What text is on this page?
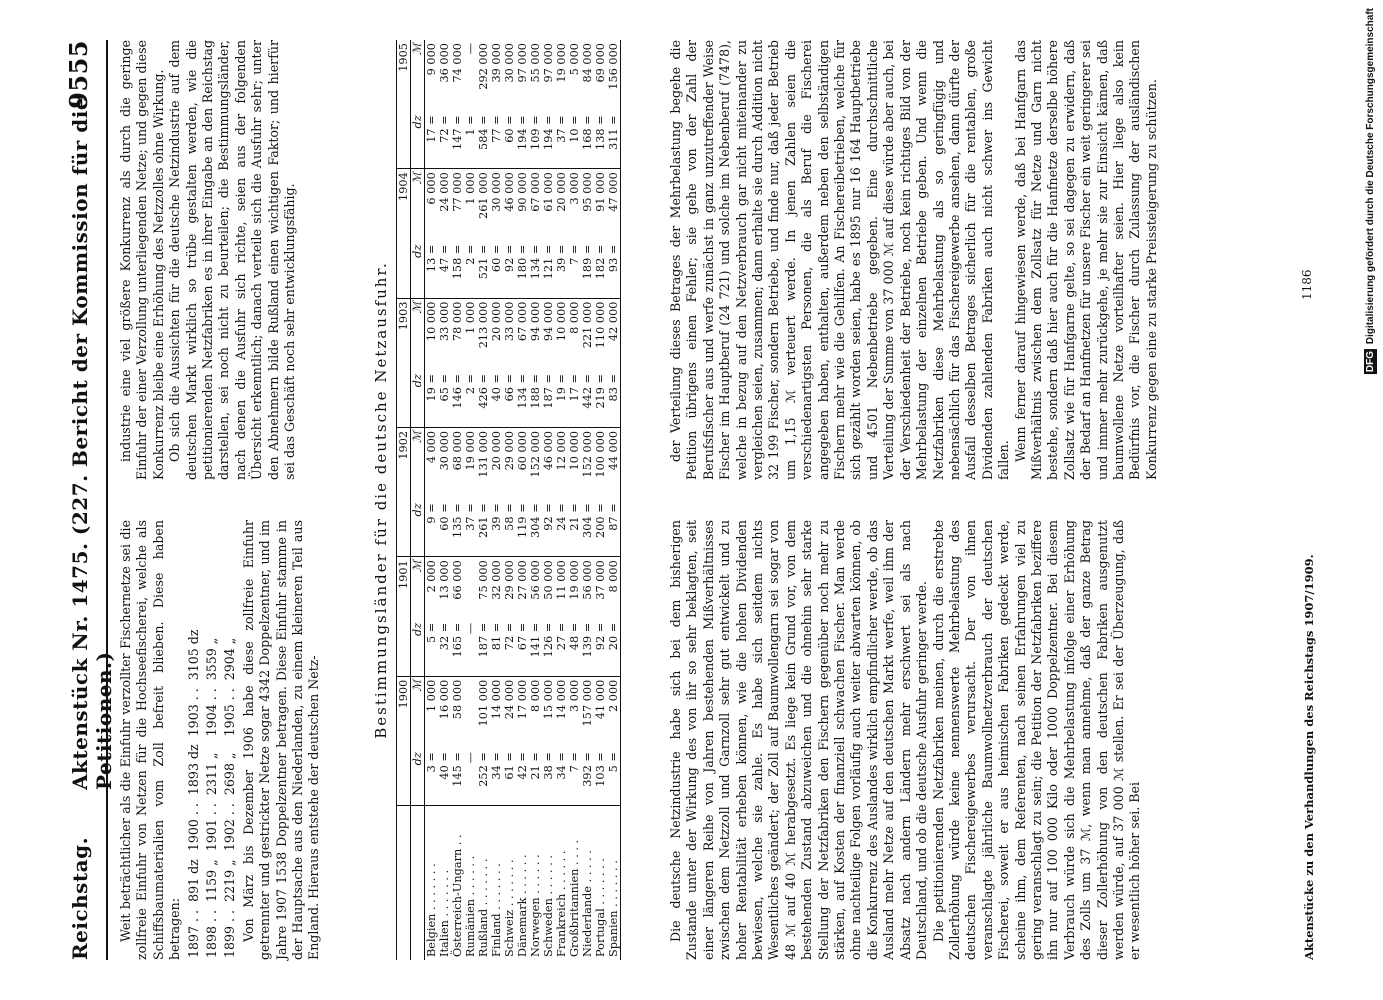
Reichstag.
Aktenstück Nr. 1475. (227. Bericht der Kommission für die Petitionen.)
9555

Weit beträchtlicher als die Einfuhr verzollter Fischernetze sei die zollfreie Einfuhr von Netzen für die Hochseefischerei, welche als Schiffsbaumaterialien vom Zoll befreit blieben. Diese haben betragen: 1897 . .	891 dz	1900 . .	1893 dz	1903 . .	3105 dz
1898 . .	1159 „	1901 . .	2311 „	1904 . .	3559 „
1899 . .	2219 „	1902 . .	2698 „	1905 . .	2904 „ Von März bis Dezember 1906 habe diese zollfreie Einfuhr getrennter und gestrickter Netze sogar 4342 Doppelzentner, und im Jahre 1907 1538 Doppelzentner betragen. Diese Einfuhr stamme in der Hauptsache aus den Niederlanden, zu einem kleineren Teil aus England. Hieraus entstehe der deutschen Netz-

industrie eine viel größere Konkurrenz als durch die geringe Einfuhr der einer Verzollung unterliegenden Netze; und gegen diese Konkurrenz bleibe eine Erhöhung des Netzzolles ohne Wirkung. Ob sich die Aussichten für die deutsche Netzindustrie auf dem deutschen Markt wirklich so trübe gestalten werden, wie die petitionierenden Netzfabriken es in ihrer Eingabe an den Reichstag darstellen, sei noch nicht zu beurteilen; die Bestimmungsländer, nach denen die Ausfuhr sich richte, seien aus der folgenden Übersicht erkenntlich; danach verteile sich die Ausfuhr sehr; unter den Abnehmern bilde Rußland einen wichtigen Faktor; und hierfür sei das Geschäft noch sehr entwicklungsfähig.	Bestimmungsländer für die deutsche Netzausfuhr.
	1900		1901		1902		1903		1904		1905	
	dz	ℳ	dz	ℳ	dz	ℳ	dz	ℳ	dz	ℳ	dz	ℳ
Belgien . . . . . . .	3 =	1 000	5 =	2 000	9 =	4 000	19 =	10 000	13 =	6 000	17 =	9 000
Italien . . . . . . .	40 =	16 000	32 =	13 000	60 =	30 000	65 =	33 000	47 =	24 000	72 =	36 000
Österreich-Ungarn . .	145 =	58 000	165 =	66 000	135 =	68 000	146 =	78 000	158 =	77 000	147 =	74 000
Rumänien . . . . . .	—		—		37 =	19 000	2 =	1 000	2 =	1 000	1 =	—
Rußland . . . . . . .	252 =	101 000	187 =	75 000	261 =	131 000	426 =	213 000	521 =	261 000	584 =	292 000
Finland . . . . . . .	34 =	14 000	81 =	32 000	39 =	20 000	40 =	20 000	60 =	30 000	77 =	39 000
Schweiz . . . . . . .	61 =	24 000	72 =	29 000	58 =	29 000	66 =	33 000	92 =	46 000	60 =	30 000
Dänemark . . . . . .	42 =	17 000	67 =	27 000	119 =	60 000	134 =	67 000	180 =	90 000	194 =	97 000
Norwegen . . . . . .	21 =	8 000	141 =	56 000	304 =	152 000	188 =	94 000	134 =	67 000	109 =	55 000
Schweden . . . . . .	38 =	15 000	126 =	50 000	92 =	46 000	187 =	94 000	121 =	61 000	194 =	97 000
Frankreich . . . . . .	34 =	14 000	27 =	11 000	24 =	12 000	19 =	10 000	39 =	20 000	37 =	19 000
Großbritannien . . . .	7 =	3 000	48 =	19 000	21 =	10 000	17 =	8 000	7 =	3 000	10 =	5 000
Niederlande . . . . .	392 =	157 000	139 =	56 000	304 =	152 000	442 =	221 000	189 =	95 000	168 =	84 000
Portugal . . . . . . .	103 =	41 000	92 =	37 000	200 =	100 000	219 =	110 000	182 =	91 000	138 =	69 000
Spanien . . . . . . .	5 =	2 000	20 =	8 000	87 =	44 000	83 =	42 000	93 =	47 000	311 =	156 000

Die deutsche Netzindustrie habe sich bei dem bisherigen Zustande unter der Wirkung des von ihr so sehr beklagten, seit einer längeren Reihe von Jahren bestehenden Mißverhältnisses zwischen dem Netzzoll und Garnzoll sehr gut entwickelt und zu hoher Rentabilität erheben können, wie die hohen Dividenden bewiesen, welche sie zahle. Es habe sich seitdem nichts Wesentliches geändert; der Zoll auf Baumwollengarn sei sogar von 48 ℳ auf 40 ℳ herabgesetzt. Es liege kein Grund vor, von dem bestehenden Zustand abzuweichen und die ohnehin sehr starke Stellung der Netzfabriken den Fischern gegenüber noch mehr zu stärken, auf Kosten der finanziell schwachen Fischer. Man werde ohne nachteilige Folgen vorläufig auch weiter abwarten können, ob die Konkurrenz des Auslandes wirklich empfindlicher werde, ob das Ausland mehr Netze auf den deutschen Markt werfe, weil ihm der Absatz nach andern Ländern mehr erschwert sei als nach Deutschland, und ob die deutsche Ausfuhr geringer werde. Die petitionierenden Netzfabriken meinen, durch die erstrebte Zollerhöhung würde keine nennenswerte Mehrbelastung des deutschen Fischereigewerbes verursacht. Der von ihnen veranschlagte jährliche Baumwollnetzverbrauch der deutschen Fischerei, soweit er aus heimischen Fabriken gedeckt werde, scheine ihm, dem Referenten, nach seinen Erfahrungen viel zu gering veranschlagt zu sein; die Petition der Netzfabriken beziffere ihn nur auf 100 000 Kilo oder 1000 Doppelzentner. Bei diesem Verbrauch würde sich die Mehrbelastung infolge einer Erhöhung des Zolls um 37 ℳ, wenn man annehme, daß der ganze Betrag dieser Zollerhöhung von den deutschen Fabriken ausgenutzt werden würde, auf 37 000 ℳ stellen. Er sei der Überzeugung, daß er wesentlich höher sei. Bei

der Verteilung dieses Betrages der Mehrbelastung begehe die Petition übrigens einen Fehler; sie gehe von der Zahl der Berufsfischer aus und werfe zunächst in ganz unzutreffender Weise Fischer im Hauptberuf (24 721) und solche im Nebenberuf (7478), welche in bezug auf den Netzverbrauch gar nicht miteinander zu vergleichen seien, zusammen; dann erhalte sie durch Addition nicht 32 199 Fischer, sondern Betriebe, und finde nur, daß jeder Betrieb um 1,15 ℳ verteuert werde. In jenen Zahlen seien die verschiedenartigsten Personen, die als Beruf die Fischerei angegeben haben, enthalten, außerdem neben den selbständigen Fischern mehr wie die Gehilfen. An Fischereibetrieben, welche für sich gezählt worden seien, habe es 1895 nur 16 164 Hauptbetriebe und 4501 Nebenbetriebe gegeben. Eine durchschnittliche Verteilung der Summe von 37 000 ℳ auf diese würde aber auch, bei der Verschiedenheit der Betriebe, noch kein richtiges Bild von der Mehrbelastung der einzelnen Betriebe geben. Und wenn die Netzfabriken diese Mehrbelastung als so geringfügig und nebensächlich für das Fischereigewerbe ansehen, dann dürfte der Ausfall desselben Betrages sicherlich für die rentablen, große Dividenden zahlenden Fabriken auch nicht schwer ins Gewicht fallen. Wenn ferner darauf hingewiesen werde, daß bei Hanfgarn das Mißverhältnis zwischen dem Zollsatz für Netze und Garn nicht bestehe, sondern daß hier auch für die Hanfnetze derselbe höhere Zollsatz wie für Hanfgarne gelte, so sei dagegen zu erwidern, daß der Bedarf an Hanfnetzen für unsere Fischer ein weit geringerer sei und immer mehr zurückgehe, je mehr sie zur Einsicht kämen, daß baumwollene Netze vorteilhafter seien. Hier liege also kein Bedürfnis vor, die Fischer durch Zulassung der ausländischen Konkurrenz gegen eine zu starke Preissteigerung zu schützen.

Aktenstücke zu den Verhandlungen des Reichstags 1907/1909.
1186
DFG Digitalisierung gefördert durch die Deutsche Forschungsgemeinschaft
